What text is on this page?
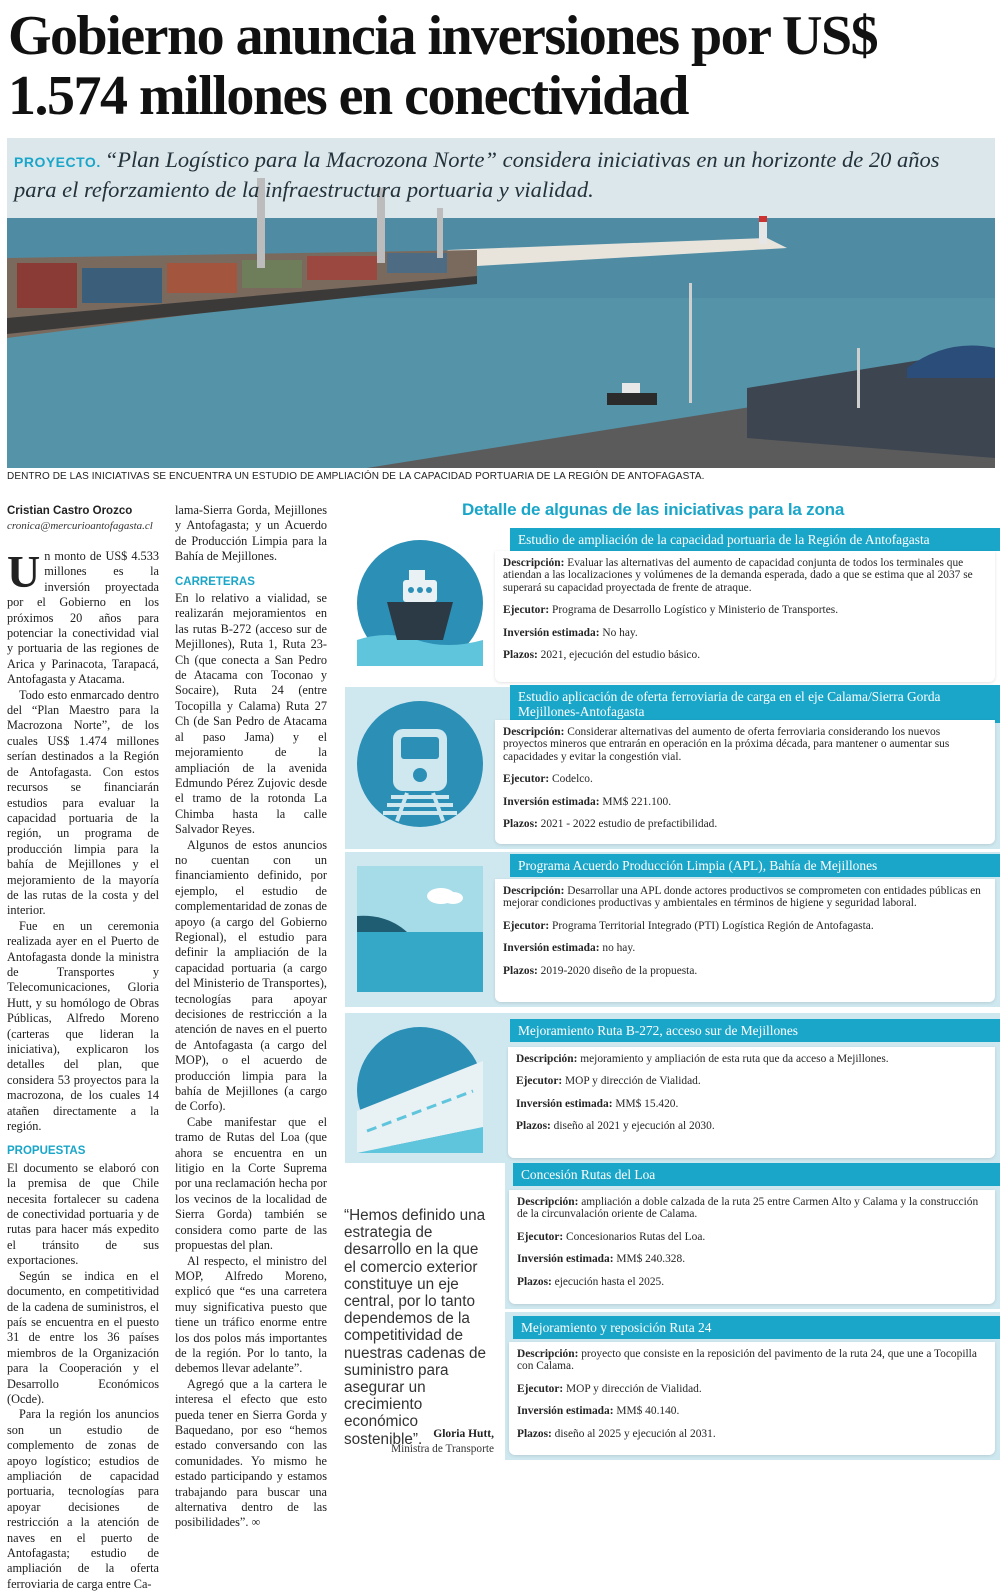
Gobierno anuncia inversiones por US$ 1.574 millones en conectividad
PROYECTO. “Plan Logístico para la Macrozona Norte” considera iniciativas en un horizonte de 20 años para el reforzamiento de la infraestructura portuaria y vialidad.
DENTRO DE LAS INICIATIVAS SE ENCUENTRA UN ESTUDIO DE AMPLIACIÓN DE LA CAPACIDAD PORTUARIA DE LA REGIÓN DE ANTOFAGASTA.
Cristian Castro Orozco
cronica@mercurioantofagasta.cl

Un monto de US$ 4.533 millones es la inversión proyectada por el Gobierno en los próximos 20 años para potenciar la conectividad vial y portuaria de las regiones de Arica y Parinacota, Tarapacá, Antofagasta y Atacama.

Todo esto enmarcado dentro del “Plan Maestro para la Macrozona Norte”, de los cuales US$ 1.474 millones serían destinados a la Región de Antofagasta. Con estos recursos se financiarán estudios para evaluar la capacidad portuaria de la región, un programa de producción limpia para la bahía de Mejillones y el mejoramiento de la mayoría de las rutas de la costa y del interior.

Fue en un ceremonia realizada ayer en el Puerto de Antofagasta donde la ministra de Transportes y Telecomunicaciones, Gloria Hutt, y su homólogo de Obras Públicas, Alfredo Moreno (carteras que lideran la iniciativa), explicaron los detalles del plan, que considera 53 proyectos para la macrozona, de los cuales 14 atañen directamente a la región.

PROPUESTAS

El documento se elaboró con la premisa de que Chile necesita fortalecer su cadena de conectividad portuaria y de rutas para hacer más expedito el tránsito de sus exportaciones.

Según se indica en el documento, en competitividad de la cadena de suministros, el país se encuentra en el puesto 31 de entre los 36 países miembros de la Organización para la Cooperación y el Desarrollo Económicos (Ocde).

Para la región los anuncios son un estudio de complemento de zonas de apoyo logístico; estudios de ampliación de capacidad portuaria, tecnologías para apoyar decisiones de restricción a la atención de naves en el puerto de Antofagasta; estudio de ampliación de la oferta ferroviaria de carga entre Ca-

lama-Sierra Gorda, Mejillones y Antofagasta; y un Acuerdo de Producción Limpia para la Bahía de Mejillones.

CARRETERAS

En lo relativo a vialidad, se realizarán mejoramientos en las rutas B-272 (acceso sur de Mejillones), Ruta 1, Ruta 23-Ch (que conecta a San Pedro de Atacama con Toconao y Socaire), Ruta 24 (entre Tocopilla y Calama) Ruta 27 Ch (de San Pedro de Atacama al paso Jama) y el mejoramiento de la ampliación de la avenida Edmundo Pérez Zujovic desde el tramo de la rotonda La Chimba hasta la calle Salvador Reyes.

Algunos de estos anuncios no cuentan con un financiamiento definido, por ejemplo, el estudio de complementaridad de zonas de apoyo (a cargo del Gobierno Regional), el estudio para definir la ampliación de la capacidad portuaria (a cargo del Ministerio de Transportes), tecnologías para apoyar decisiones de restricción a la atención de naves en el puerto de Antofagasta (a cargo del MOP), o el acuerdo de producción limpia para la bahía de Mejillones (a cargo de Corfo).

Cabe manifestar que el tramo de Rutas del Loa (que ahora se encuentra en un litigio en la Corte Suprema por una reclamación hecha por los vecinos de la localidad de Sierra Gorda) también se considera como parte de las propuestas del plan.

Al respecto, el ministro del MOP, Alfredo Moreno, explicó que “es una carretera muy significativa puesto que tiene un tráfico enorme entre los dos polos más importantes de la región. Por lo tanto, la debemos llevar adelante”.

Agregó que a la cartera le interesa el efecto que esto pueda tener en Sierra Gorda y Baquedano, por eso “hemos estado conversando con las comunidades. Yo mismo he estado participando y estamos trabajando para buscar una alternativa dentro de las posibilidades”. ∞

Detalle de algunas de las iniciativas para la zona
Estudio de ampliación de la capacidad portuaria de la Región de Antofagasta
Descripción: Evaluar las alternativas del aumento de capacidad conjunta de todos los terminales que atiendan a las localizaciones y volúmenes de la demanda esperada, dado a que se estima que al 2037 se superará su capacidad proyectada de frente de atraque.
Ejecutor: Programa de Desarrollo Logístico y Ministerio de Transportes.
Inversión estimada: No hay.
Plazos: 2021, ejecución del estudio básico.
Estudio aplicación de oferta ferroviaria de carga en el eje Calama/Sierra Gorda Mejillones-Antofagasta
Descripción: Considerar alternativas del aumento de oferta ferroviaria considerando los nuevos proyectos mineros que entrarán en operación en la próxima década, para mantener o aumentar sus capacidades y evitar la congestión vial.
Ejecutor: Codelco.
Inversión estimada: MM$ 221.100.
Plazos: 2021 - 2022 estudio de prefactibilidad.
Programa Acuerdo Producción Limpia (APL), Bahía de Mejillones
Descripción: Desarrollar una APL donde actores productivos se comprometen con entidades públicas en mejorar condiciones productivas y ambientales en términos de higiene y seguridad laboral.
Ejecutor: Programa Territorial Integrado (PTI) Logística Región de Antofagasta.
Inversión estimada: no hay.
Plazos: 2019-2020 diseño de la propuesta.
Mejoramiento Ruta B-272, acceso sur de Mejillones
Descripción: mejoramiento y ampliación de esta ruta que da acceso a Mejillones.
Ejecutor: MOP y dirección de Vialidad.
Inversión estimada: MM$ 15.420.
Plazos: diseño al 2021 y ejecución al 2030.
Concesión Rutas del Loa
Descripción: ampliación a doble calzada de la ruta 25 entre Carmen Alto y Calama y la construcción de la circunvalación oriente de Calama.
Ejecutor: Concesionarios Rutas del Loa.
Inversión estimada: MM$ 240.328.
Plazos: ejecución hasta el 2025.
Mejoramiento y reposición Ruta 24
Descripción: proyecto que consiste en la reposición del pavimento de la ruta 24, que une a Tocopilla con Calama.
Ejecutor: MOP y dirección de Vialidad.
Inversión estimada: MM$ 40.140.
Plazos: diseño al 2025 y ejecución al 2031.
“Hemos definido una estrategia de desarrollo en la que el comercio exterior constituye un eje central, por lo tanto dependemos de la competitividad de nuestras cadenas de suministro para asegurar un crecimiento económico sostenible”. Gloria Hutt,
Ministra de Transporte
